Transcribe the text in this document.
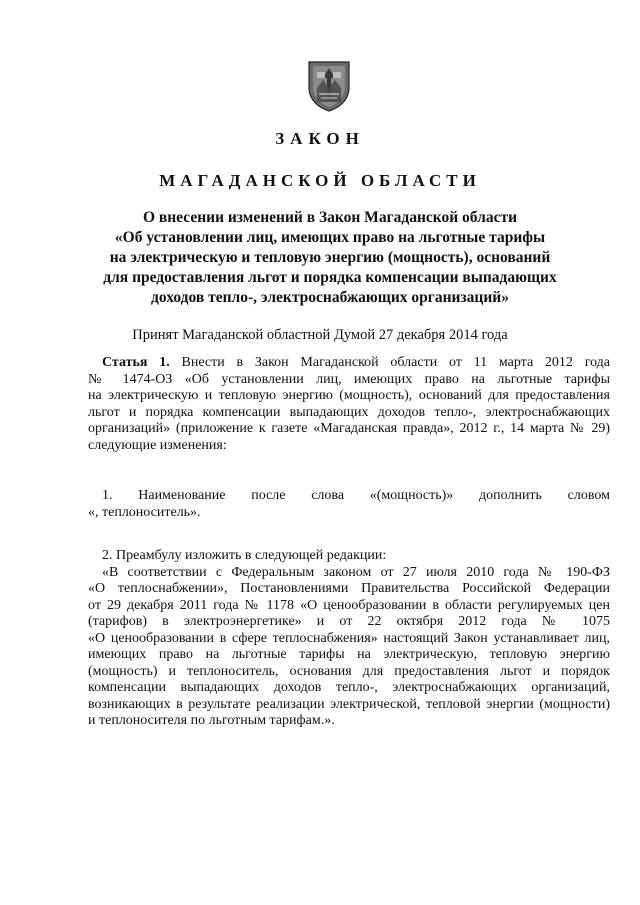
ЗАКОН
МАГАДАНСКОЙ ОБЛАСТИ
О внесении изменений в Закон Магаданской области
«Об установлении лиц, имеющих право на льготные тарифы
на электрическую и тепловую энергию (мощность), оснований
для предоставления льгот и порядка компенсации выпадающих
доходов тепло-, электроснабжающих организаций»
Принят Магаданской областной Думой 27 декабря 2014 года
Статья 1. Внести в Закон Магаданской области от 11 марта 2012 года
№ 1474-ОЗ «Об установлении лиц, имеющих право на льготные тарифы
на электрическую и тепловую энергию (мощность), оснований для предоставления
льгот и порядка компенсации выпадающих доходов тепло-, электроснабжающих
организаций» (приложение к газете «Магаданская правда», 2012 г., 14 марта № 29)
следующие изменения:
1. Наименование после слова «(мощность)» дополнить словом
«, теплоноситель».
2. Преамбулу изложить в следующей редакции:
«В соответствии с Федеральным законом от 27 июля 2010 года № 190-ФЗ
«О теплоснабжении», Постановлениями Правительства Российской Федерации
от 29 декабря 2011 года № 1178 «О ценообразовании в области регулируемых цен
(тарифов) в электроэнергетике» и от 22 октября 2012 года № 1075
«О ценообразовании в сфере теплоснабжения» настоящий Закон устанавливает лиц,
имеющих право на льготные тарифы на электрическую, тепловую энергию
(мощность) и теплоноситель, основания для предоставления льгот и порядок
компенсации выпадающих доходов тепло-, электроснабжающих организаций,
возникающих в результате реализации электрической, тепловой энергии (мощности)
и теплоносителя по льготным тарифам.».
